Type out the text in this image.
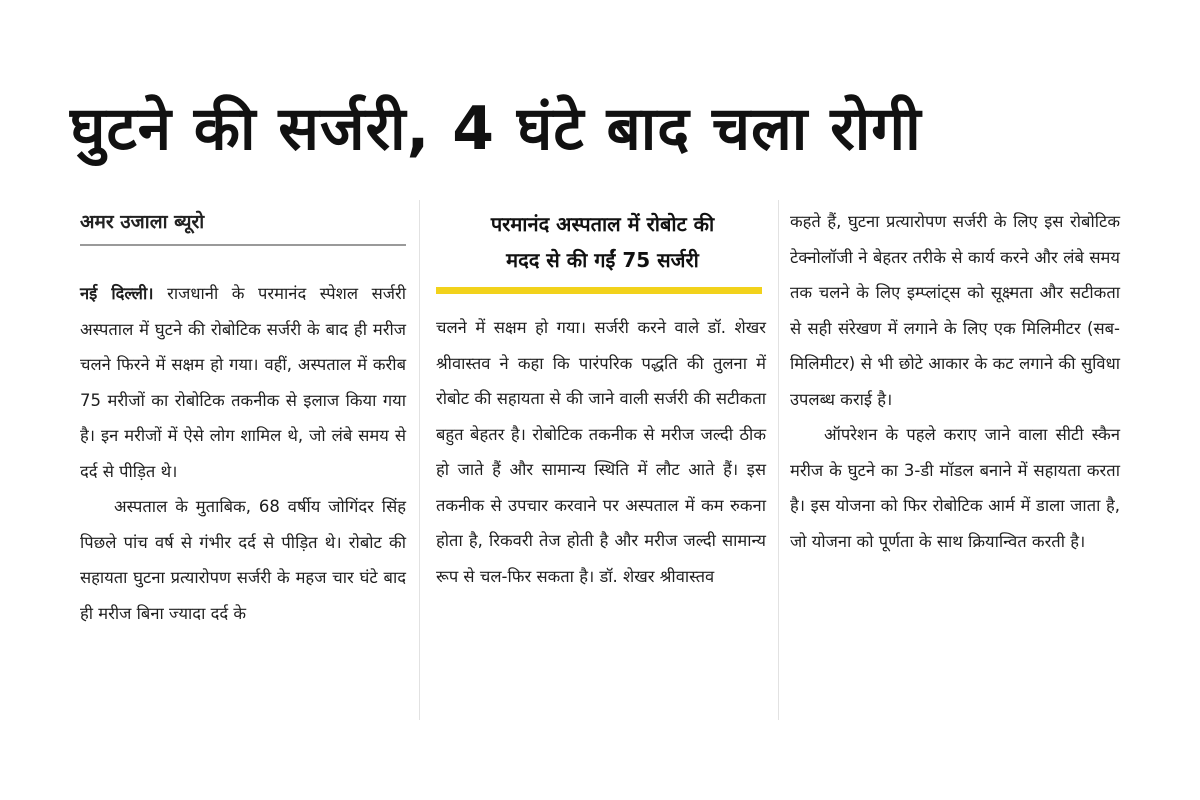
घुटने की सर्जरी, 4 घंटे बाद चला रोगी
अमर उजाला ब्यूरो

नई दिल्ली। राजधानी के परमानंद स्पेशल सर्जरी अस्पताल में घुटने की रोबोटिक सर्जरी के बाद ही मरीज चलने फिरने में सक्षम हो गया। वहीं, अस्पताल में करीब 75 मरीजों का रोबोटिक तकनीक से इलाज किया गया है। इन मरीजों में ऐसे लोग शामिल थे, जो लंबे समय से दर्द से पीड़ित थे।

अस्पताल के मुताबिक, 68 वर्षीय जोगिंदर सिंह पिछले पांच वर्ष से गंभीर दर्द से पीड़ित थे। रोबोट की सहायता घुटना प्रत्यारोपण सर्जरी के महज चार घंटे बाद ही मरीज बिना ज्यादा दर्द के

परमानंद अस्पताल में रोबोट की
मदद से की गईं 75 सर्जरी

चलने में सक्षम हो गया। सर्जरी करने वाले डॉ. शेखर श्रीवास्तव ने कहा कि पारंपरिक पद्धति की तुलना में रोबोट की सहायता से की जाने वाली सर्जरी की सटीकता बहुत बेहतर है। रोबोटिक तकनीक से मरीज जल्दी ठीक हो जाते हैं और सामान्य स्थिति में लौट आते हैं। इस तकनीक से उपचार करवाने पर अस्पताल में कम रुकना होता है, रिकवरी तेज होती है और मरीज जल्दी सामान्य रूप से चल-फिर सकता है। डॉ. शेखर श्रीवास्तव

कहते हैं, घुटना प्रत्यारोपण सर्जरी के लिए इस रोबोटिक टेक्नोलॉजी ने बेहतर तरीके से कार्य करने और लंबे समय तक चलने के लिए इम्प्लांट्स को सूक्ष्मता और सटीकता से सही संरेखण में लगाने के लिए एक मिलिमीटर (सब-मिलिमीटर) से भी छोटे आकार के कट लगाने की सुविधा उपलब्ध कराई है।

ऑपरेशन के पहले कराए जाने वाला सीटी स्कैन मरीज के घुटने का 3-डी मॉडल बनाने में सहायता करता है। इस योजना को फिर रोबोटिक आर्म में डाला जाता है, जो योजना को पूर्णता के साथ क्रियान्वित करती है।
